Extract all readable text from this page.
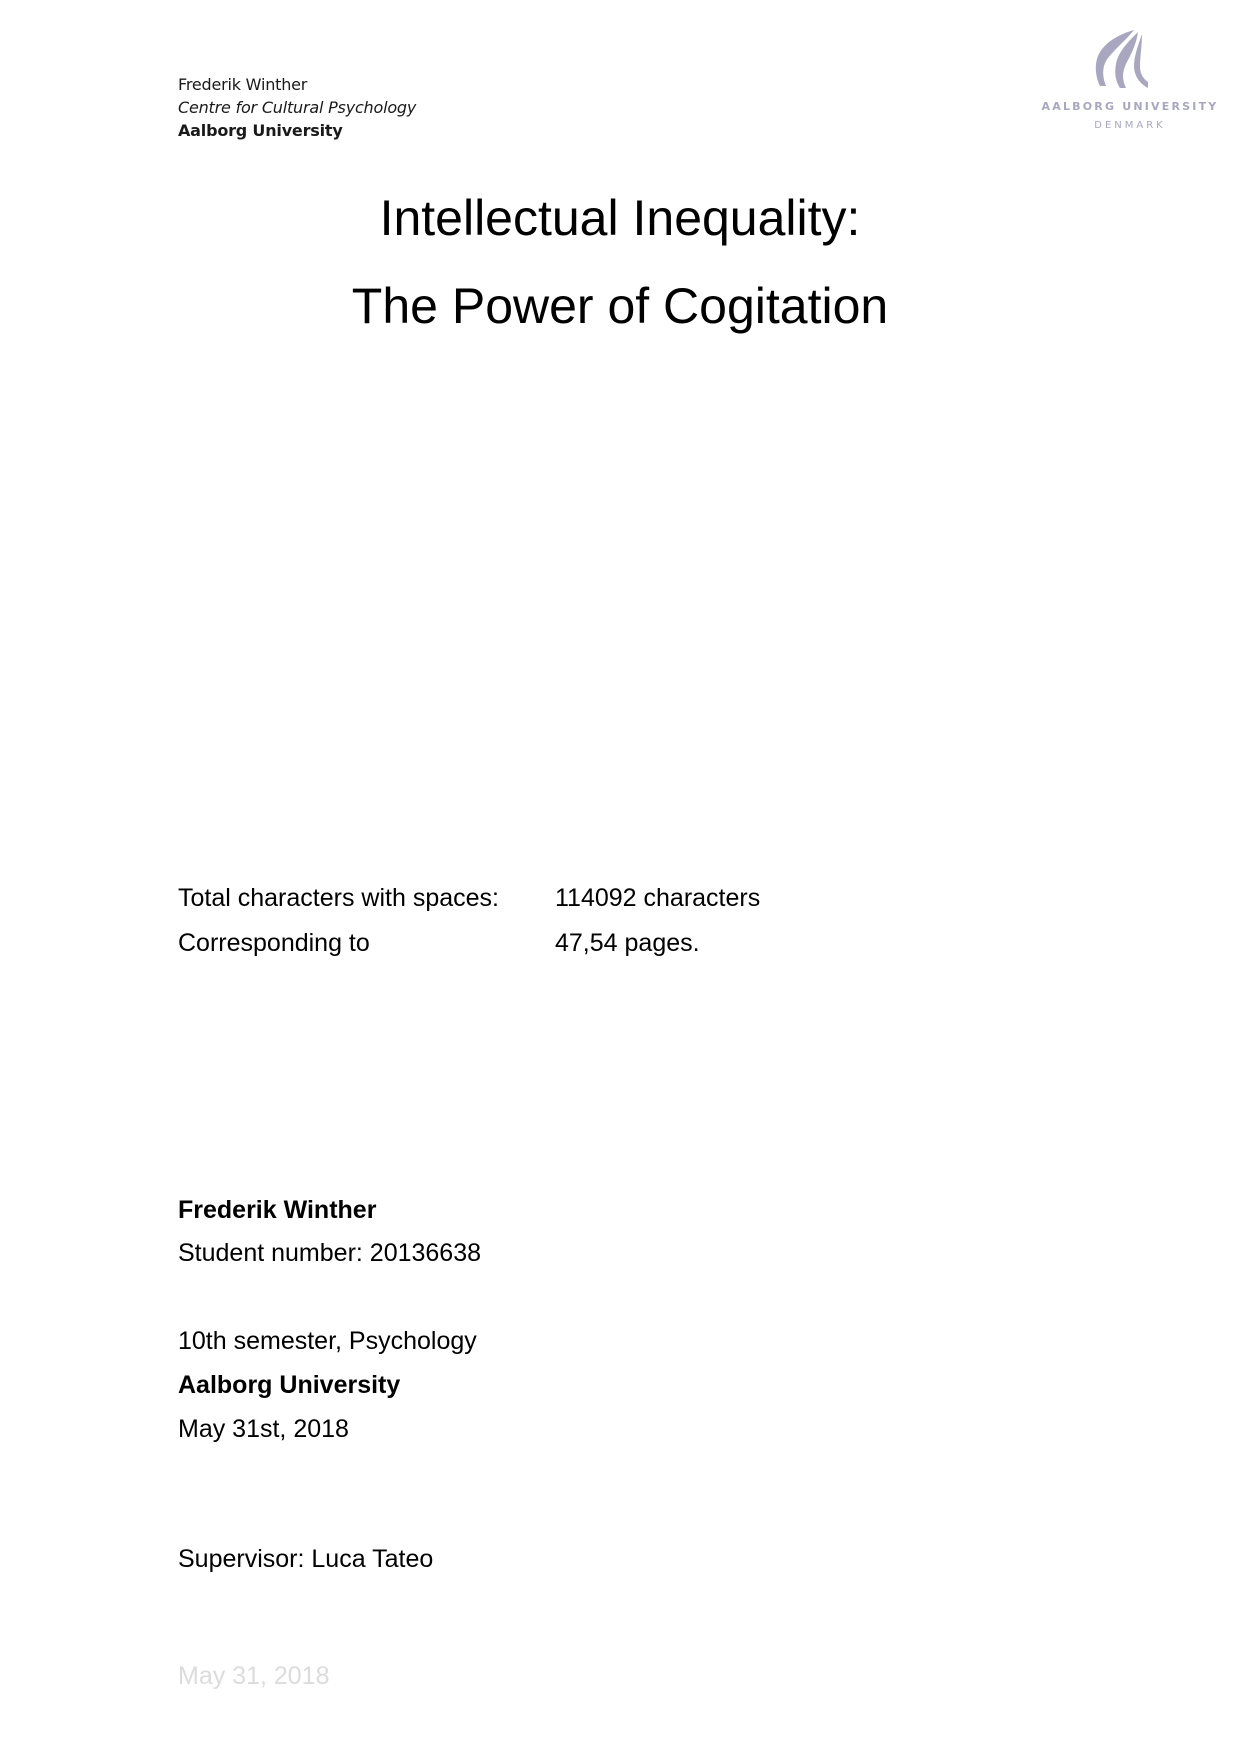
Frederik Winther
Centre for Cultural Psychology
Aalborg University
AALBORG UNIVERSITY
DENMARK
Intellectual Inequality:
The Power of Cogitation
Total characters with spaces: 114092 characters
Corresponding to	47,54 pages.
Frederik Winther
Student number: 20136638
10th semester, Psychology
Aalborg University
May 31st, 2018
Supervisor: Luca Tateo
May 31, 2018
